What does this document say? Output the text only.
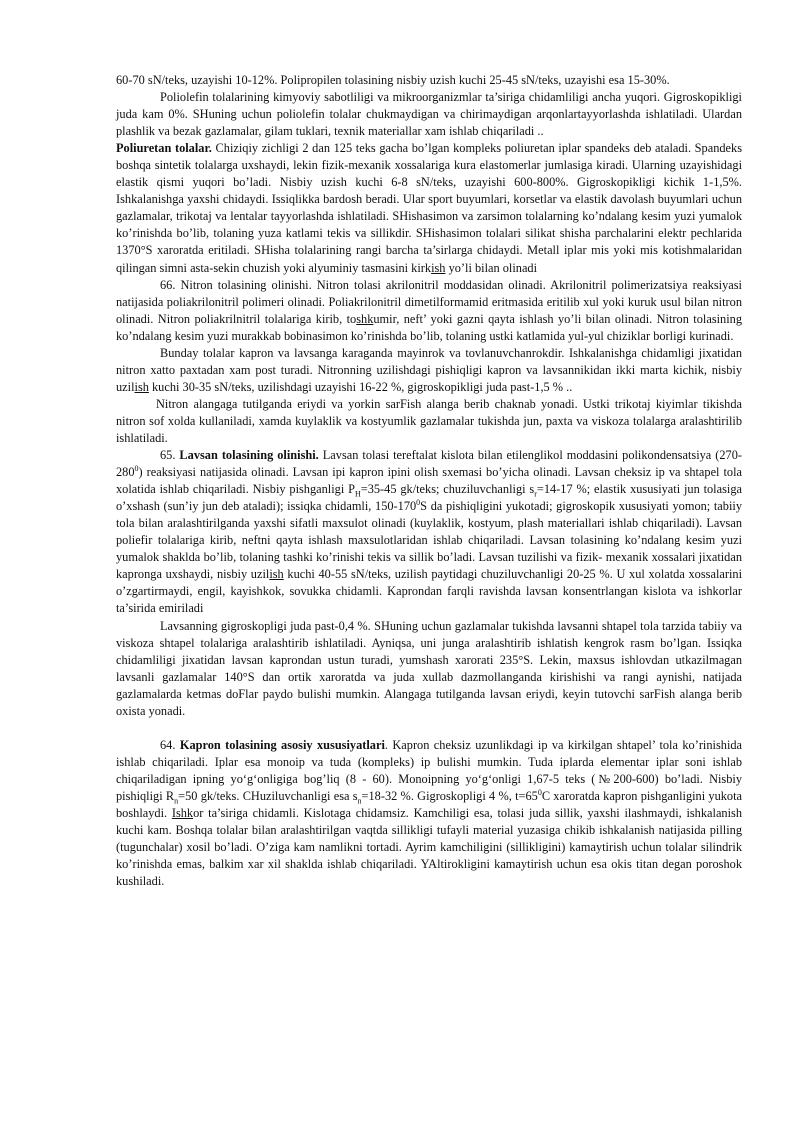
60-70 sN/teks, uzayishi 10-12%. Polipropilen tolasining nisbiy uzish kuchi 25-45 sN/teks, uzayishi esa 15-30%.

Poliolefin tolalarining kimyoviy sabotliligi va mikroorganizmlar ta’siriga chidamliligi ancha yuqori. Gigroskopikligi juda kam 0%. SHuning uchun poliolefin tolalar chukmaydigan va chirimaydigan arqonlartayyorlashda ishlatiladi. Ulardan plashlik va bezak gazlamalar, gilam tuklari, texnik materiallar xam ishlab chiqariladi ..

Poliuretan tolalar. Chiziqiy zichligi 2 dan 125 teks gacha bo’lgan kompleks poliuretan iplar spandeks deb ataladi. Spandeks boshqa sintetik tolalarga uxshaydi, lekin fizik-mexanik xossalariga kura elastomerlar jumlasiga kiradi. Ularning uzayishidagi elastik qismi yuqori bo’ladi. Nisbiy uzish kuchi 6-8 sN/teks, uzayishi 600-800%. Gigroskopikligi kichik 1-1,5%. Ishkalanishga yaxshi chidaydi. Issiqlikka bardosh beradi. Ular sport buyumlari, korsetlar va elastik davolash buyumlari uchun gazlamalar, trikotaj va lentalar tayyorlashda ishlatiladi. SHishasimon va zarsimon tolalarning ko’ndalang kesim yuzi yumalok ko’rinishda bo’lib, tolaning yuza katlami tekis va sillikdir. SHishasimon tolalari silikat shisha parchalarini elektr pechlarida 1370°S xaroratda eritiladi. SHisha tolalarining rangi barcha ta’sirlarga chidaydi. Metall iplar mis yoki mis kotishmalaridan qilingan simni asta-sekin chuzish yoki alyuminiy tasmasini kirkish yo’li bilan olinadi

66. Nitron tolasining olinishi. Nitron tolasi akrilonitril moddasidan olinadi. Akrilonitril polimerizatsiya reaksiyasi natijasida poliakrilonitril polimeri olinadi. Poliakrilonitril dimetilformamid eritmasida eritilib xul yoki kuruk usul bilan nitron olinadi. Nitron poliakrilnitril tolalariga kirib, toshkumir, neft’ yoki gazni qayta ishlash yo’li bilan olinadi. Nitron tolasining ko’ndalang kesim yuzi murakkab bobinasimon ko’rinishda bo’lib, tolaning ustki katlamida yul-yul chiziklar borligi kurinadi.

Bunday tolalar kapron va lavsanga karaganda mayinrok va tovlanuvchanrokdir. Ishkalanishga chidamligi jixatidan nitron xatto paxtadan xam post turadi. Nitronning uzilishdagi pishiqligi kapron va lavsannikidan ikki marta kichik, nisbiy uzilish kuchi 30-35 sN/teks, uzilishdagi uzayishi 16-22 %, gigroskopikligi juda past-1,5 % ..

Nitron alangaga tutilganda eriydi va yorkin sarFish alanga berib chaknab yonadi. Ustki trikotaj kiyimlar tikishda nitron sof xolda kullaniladi, xamda kuylaklik va kostyumlik gazlamalar tukishda jun, paxta va viskoza tolalarga aralashtirilib ishlatiladi.

65. Lavsan tolasining olinishi. Lavsan tolasi tereftalat kislota bilan etilenglikol moddasini polikondensatsiya $(270-280^0)$ reaksiyasi natijasida olinadi. Lavsan ipi kapron ipini olish sxemasi bo’yicha olinadi. Lavsan cheksiz ip va shtapel tola xolatida ishlab chiqariladi. Nisbiy pishganligi $P_H=35-45$ gk/teks; chuziluvchanligi $s_r=14-17$ %; elastik xususiyati jun tolasiga o’xshash (sun’iy jun deb ataladi); issiqka chidamli, $150-170^0S$ da pishiqligini yukotadi; gigroskopik xususiyati yomon; tabiiy tola bilan aralashtirilganda yaxshi sifatli maxsulot olinadi (kuylaklik, kostyum, plash materiallari ishlab chiqariladi). Lavsan poliefir tolalariga kirib, neftni qayta ishlash maxsulotlaridan ishlab chiqariladi. Lavsan tolasining ko’ndalang kesim yuzi yumalok shaklda bo’lib, tolaning tashki ko’rinishi tekis va sillik bo’ladi. Lavsan tuzilishi va fizik- mexanik xossalari jixatidan kapronga uxshaydi, nisbiy uzilish kuchi 40-55 sN/teks, uzilish paytidagi chuziluvchanligi 20-25 %. U xul xolatda xossalarini o’zgartirmaydi, engil, kayishkok, sovukka chidamli. Kaprondan farqli ravishda lavsan konsentrlangan kislota va ishkorlar ta’sirida emiriladi

Lavsanning gigroskopligi juda past-0,4 %. SHuning uchun gazlamalar tukishda lavsanni shtapel tola tarzida tabiiy va viskoza shtapel tolalariga aralashtirib ishlatiladi. Ayniqsa, uni junga aralashtirib ishlatish kengrok rasm bo’lgan. Issiqka chidamliligi jixatidan lavsan kaprondan ustun turadi, yumshash xarorati 235°S. Lekin, maxsus ishlovdan utkazilmagan lavsanli gazlamalar 140°S dan ortik xaroratda va juda xullab dazmollanganda kirishishi va rangi aynishi, natijada gazlamalarda ketmas doFlar paydo bulishi mumkin. Alangaga tutilganda lavsan eriydi, keyin tutovchi sarFish alanga berib oxista yonadi.

64. Kapron tolasining asosiy xususiyatlari. Kapron cheksiz uzunlikdagi ip va kirkilgan shtapel’ tola ko’rinishida ishlab chiqariladi. Iplar esa monoip va tuda (kompleks) ip bulishi mumkin. Tuda iplarda elementar iplar soni ishlab chiqariladigan ipning yo‘g‘onligiga bog’liq (8 - 60). Monoipning yo‘g‘onligi 1,67-5 teks (№200-600) bo’ladi. Nisbiy pishiqligi $R_n=50$ gk/teks. CHuziluvchanligi esa $s_n=18-32$ %. Gigroskopligi 4 %, $t=65^0C$ xaroratda kapron pishganligini yukota boshlaydi. Ishkor ta’siriga chidamli. Kislotaga chidamsiz. Kamchiligi esa, tolasi juda sillik, yaxshi ilashmaydi, ishkalanish kuchi kam. Boshqa tolalar bilan aralashtirilgan vaqtda sillikligi tufayli material yuzasiga chikib ishkalanish natijasida pilling (tugunchalar) xosil bo’ladi. O’ziga kam namlikni tortadi. Ayrim kamchiligini (sillikligini) kamaytirish uchun tolalar silindrik ko’rinishda emas, balkim xar xil shaklda ishlab chiqariladi. YAltirokligini kamaytirish uchun esa okis titan degan poroshok kushiladi.
